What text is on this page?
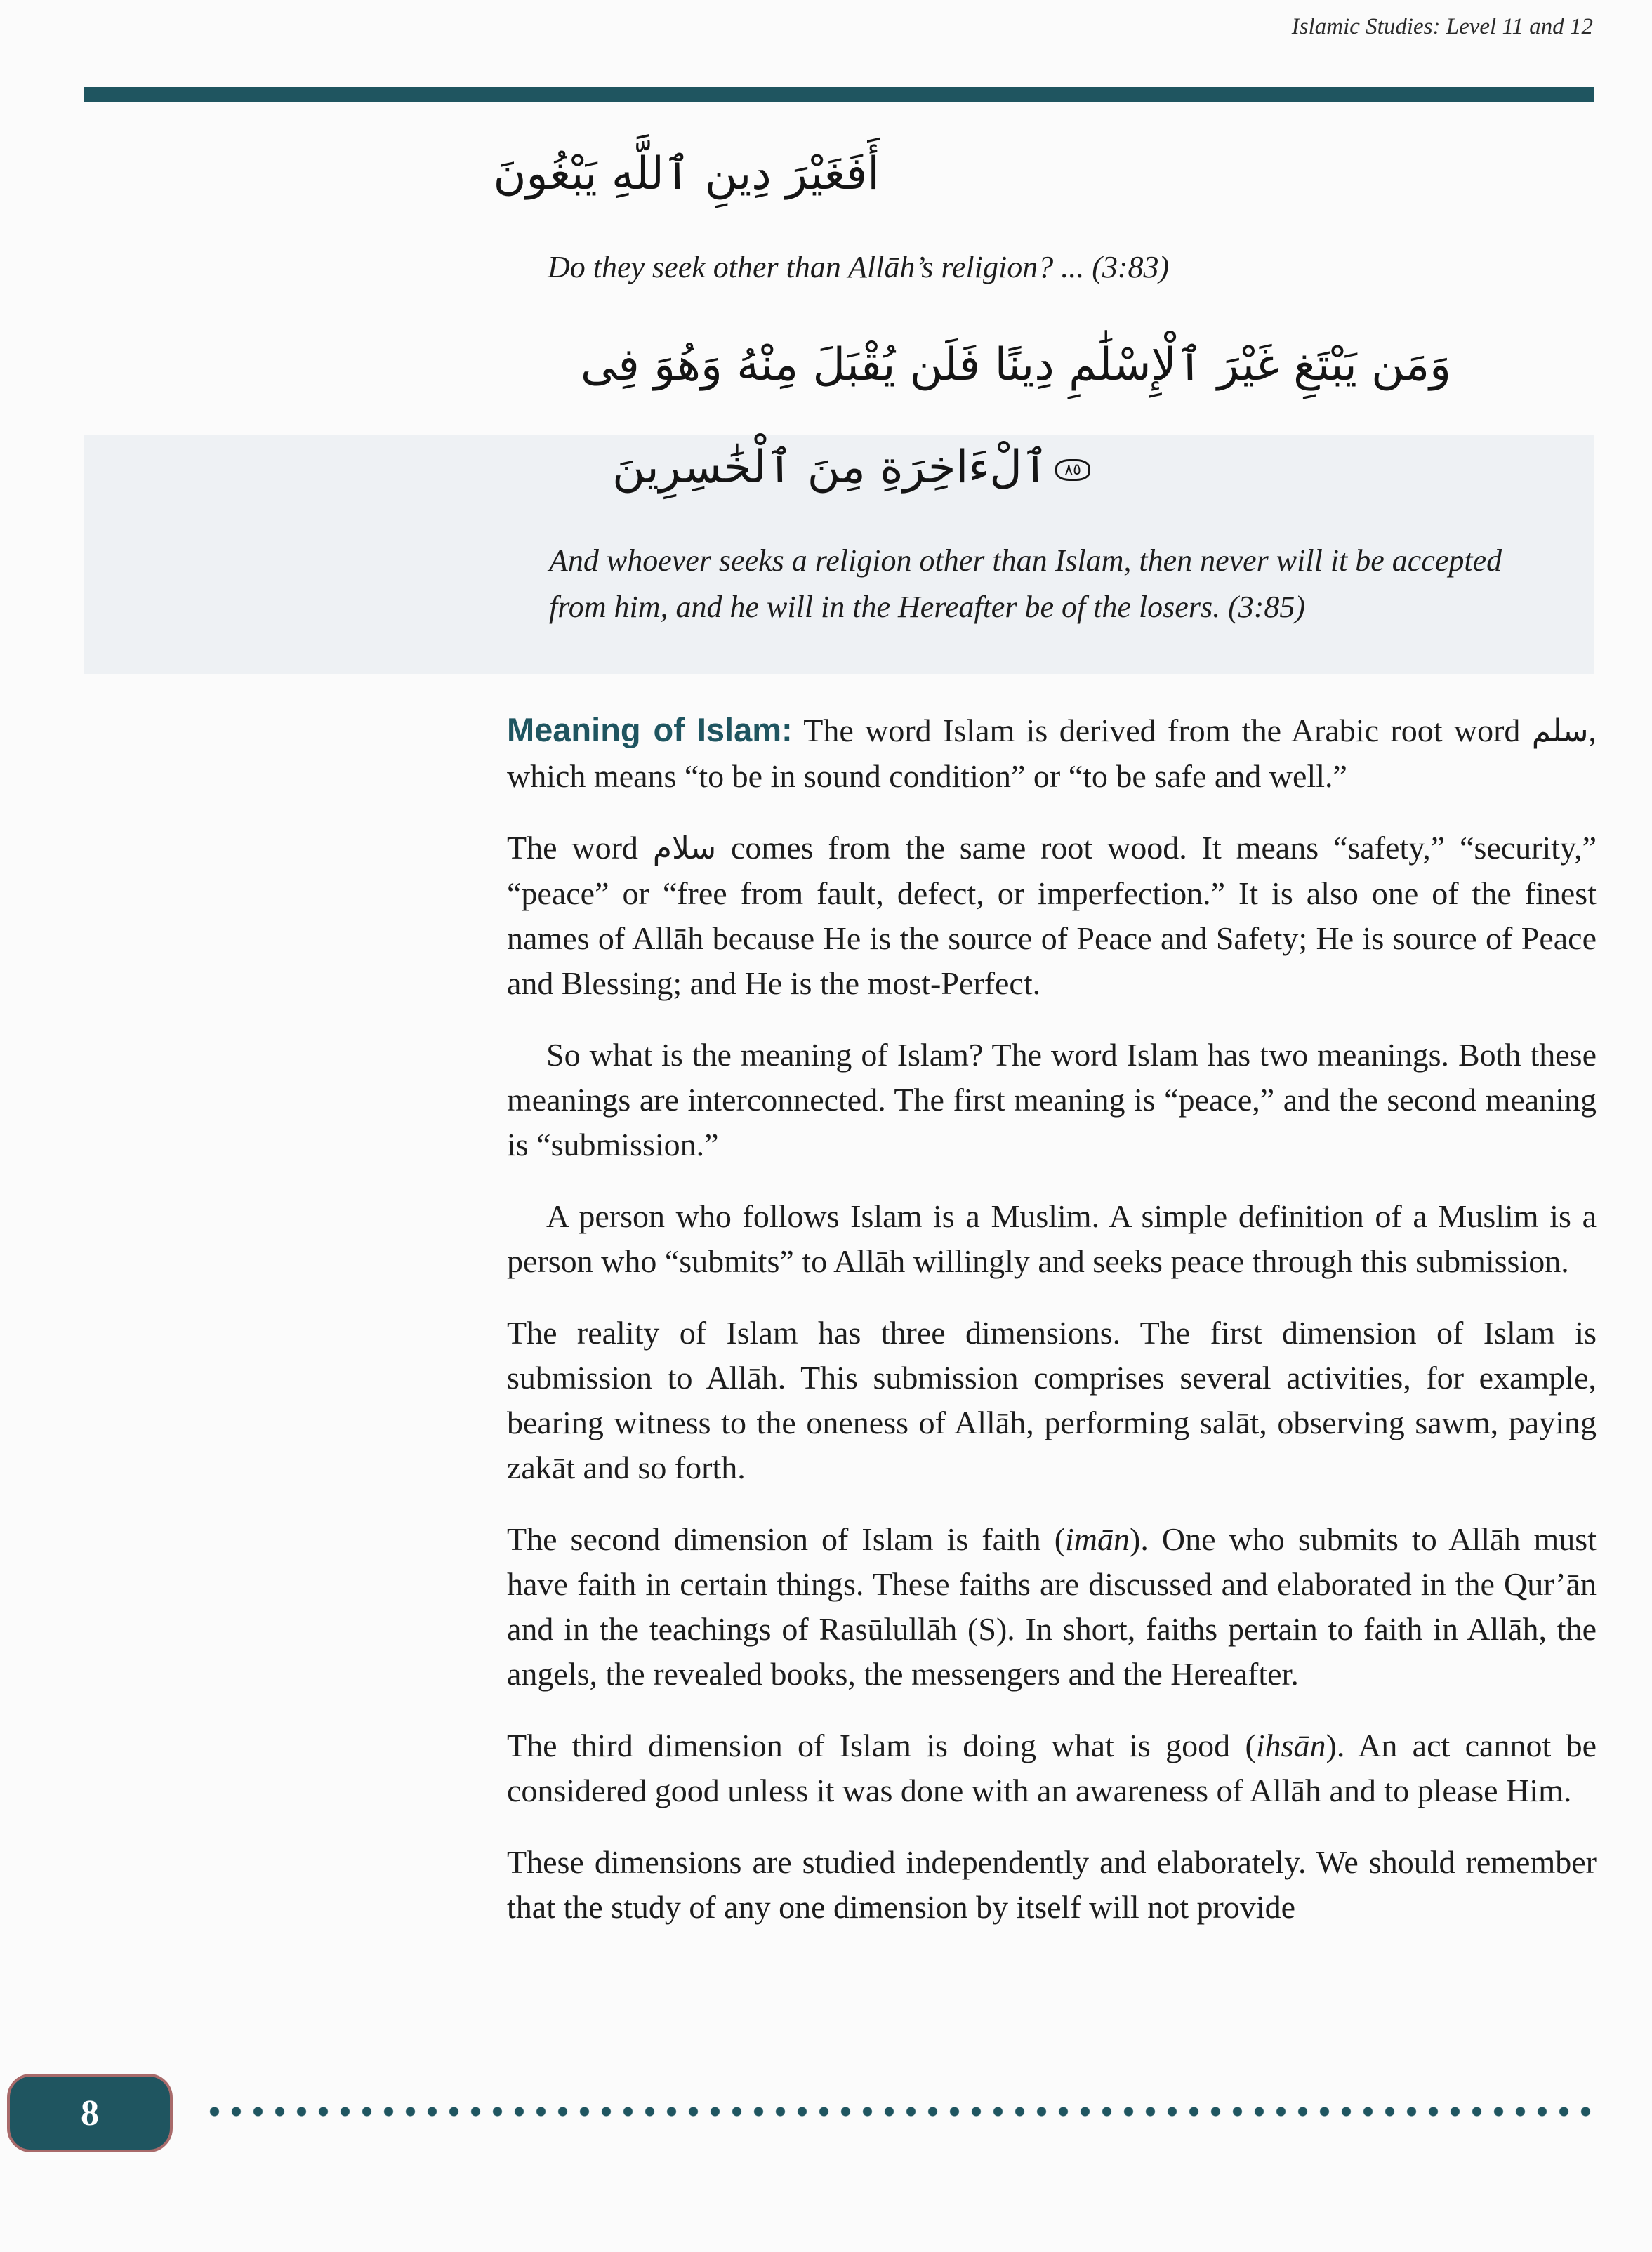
Islamic Studies: Level 11 and 12
أَفَغَيْرَ دِينِ ٱللَّهِ يَبْغُونَ
Do they seek other than Allāh’s religion? ... (3:83)
وَمَن يَبْتَغِ غَيْرَ ٱلْإِسْلَٰمِ دِينًا فَلَن يُقْبَلَ مِنْهُ وَهُوَ فِى
٨٥ٱلْءَاخِرَةِ مِنَ ٱلْخَٰسِرِينَ
And whoever seeks a religion other than Islam, then never will it be accepted
from him, and he will in the Hereafter be of the losers. (3:85)

Meaning of Islam: The word Islam is derived from the Arabic root word سلم, which means “to be in sound condition” or “to be safe and well.”

The word سلام comes from the same root wood. It means “safety,” “security,” “peace” or “free from fault, defect, or imperfection.” It is also one of the finest names of Allāh because He is the source of Peace and Safety; He is source of Peace and Blessing; and He is the most-Perfect.

So what is the meaning of Islam? The word Islam has two meanings. Both these meanings are interconnected. The first meaning is “peace,” and the second meaning is “submission.”

A person who follows Islam is a Muslim. A simple definition of a Muslim is a person who “submits” to Allāh willingly and seeks peace through this submission.

The reality of Islam has three dimensions. The first dimension of Islam is submission to Allāh. This submission comprises several activities, for example, bearing witness to the oneness of Allāh, performing salāt, observing sawm, paying zakāt and so forth.

The second dimension of Islam is faith (imān). One who submits to Allāh must have faith in certain things. These faiths are discussed and elaborated in the Qur’ān and in the teachings of Rasūlullāh (S). In short, faiths pertain to faith in Allāh, the angels, the revealed books, the messengers and the Hereafter.

The third dimension of Islam is doing what is good (ihsān). An act cannot be considered good unless it was done with an awareness of Allāh and to please Him.

These dimensions are studied independently and elaborately. We should remember that the study of any one dimension by itself will not provide

8
